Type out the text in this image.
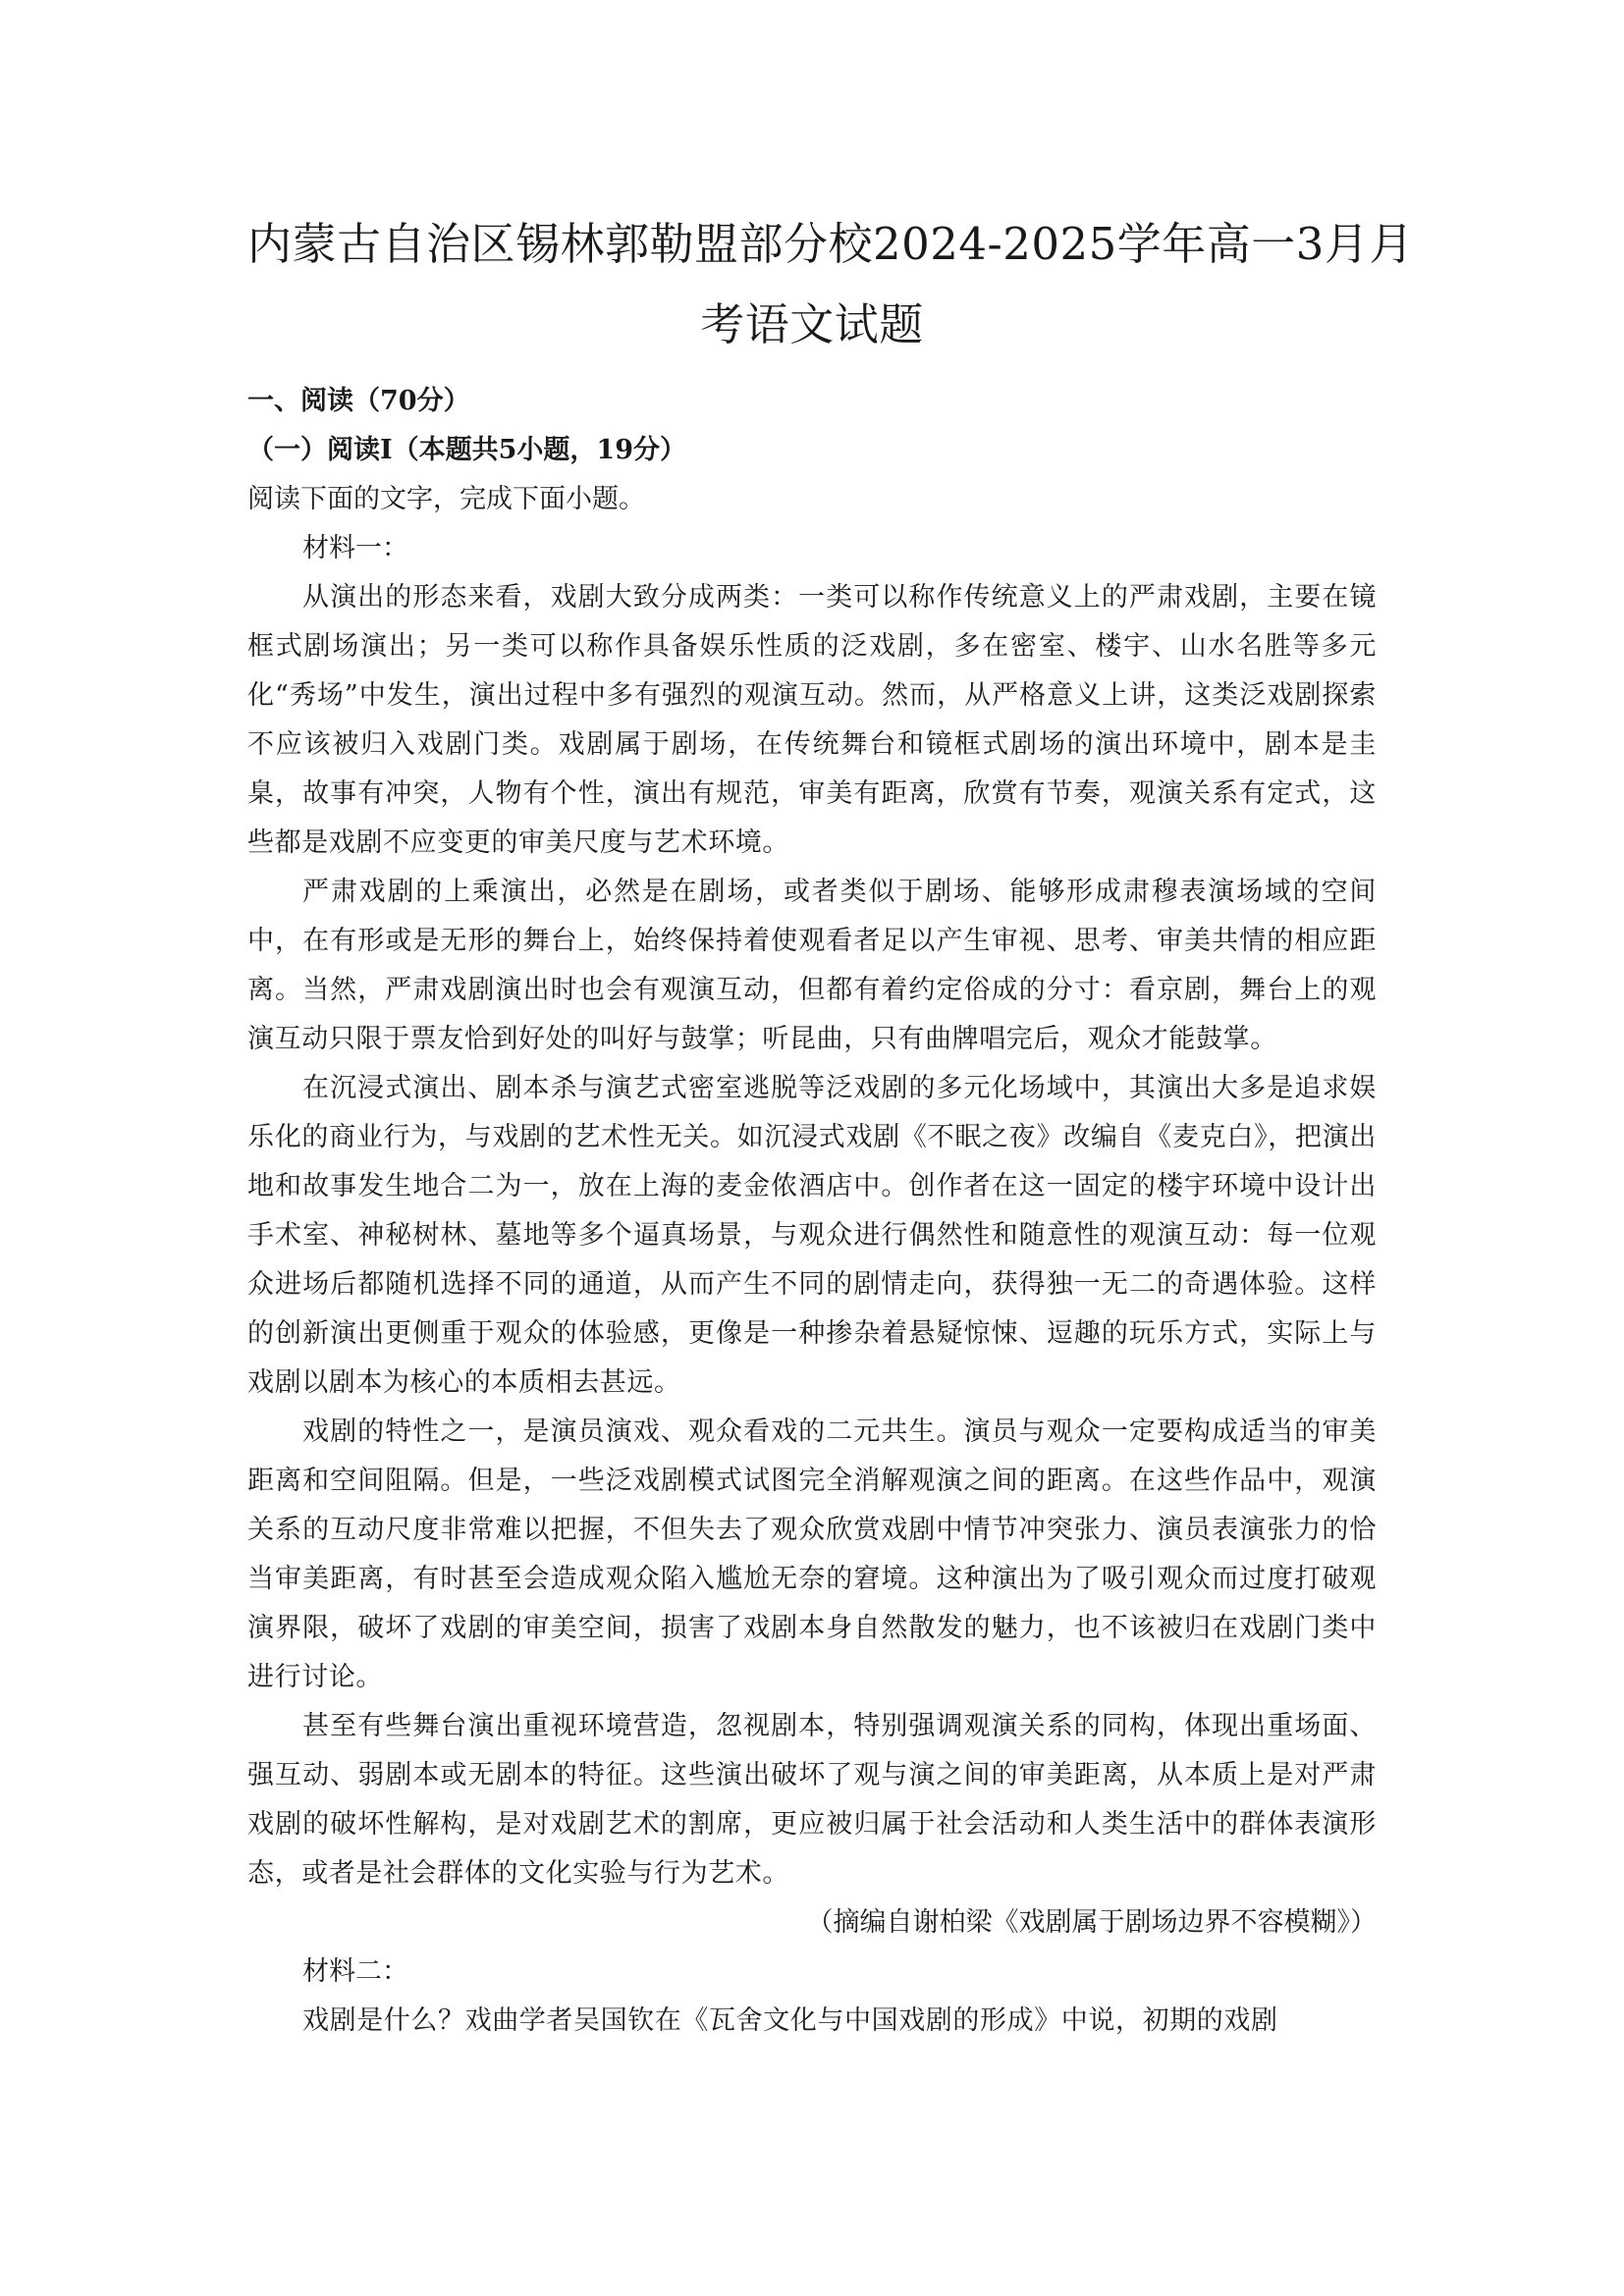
内蒙古自治区锡林郭勒盟部分校2024-2025学年高一3月月
考语文试题

一、阅读（70分）

（一）阅读Ⅰ（本题共5小题，19分）

阅读下面的文字，完成下面小题。

材料一：

从演出的形态来看，戏剧大致分成两类：一类可以称作传统意义上的严肃戏剧，主要在镜框式剧场演出；另一类可以称作具备娱乐性质的泛戏剧，多在密室、楼宇、山水名胜等多元化“秀场”中发生，演出过程中多有强烈的观演互动。然而，从严格意义上讲，这类泛戏剧探索不应该被归入戏剧门类。戏剧属于剧场，在传统舞台和镜框式剧场的演出环境中，剧本是圭臬，故事有冲突，人物有个性，演出有规范，审美有距离，欣赏有节奏，观演关系有定式，这些都是戏剧不应变更的审美尺度与艺术环境。

严肃戏剧的上乘演出，必然是在剧场，或者类似于剧场、能够形成肃穆表演场域的空间中，在有形或是无形的舞台上，始终保持着使观看者足以产生审视、思考、审美共情的相应距离。当然，严肃戏剧演出时也会有观演互动，但都有着约定俗成的分寸：看京剧，舞台上的观演互动只限于票友恰到好处的叫好与鼓掌；听昆曲，只有曲牌唱完后，观众才能鼓掌。

在沉浸式演出、剧本杀与演艺式密室逃脱等泛戏剧的多元化场域中，其演出大多是追求娱乐化的商业行为，与戏剧的艺术性无关。如沉浸式戏剧《不眠之夜》改编自《麦克白》，把演出地和故事发生地合二为一，放在上海的麦金侬酒店中。创作者在这一固定的楼宇环境中设计出手术室、神秘树林、墓地等多个逼真场景，与观众进行偶然性和随意性的观演互动：每一位观众进场后都随机选择不同的通道，从而产生不同的剧情走向，获得独一无二的奇遇体验。这样的创新演出更侧重于观众的体验感，更像是一种掺杂着悬疑惊悚、逗趣的玩乐方式，实际上与戏剧以剧本为核心的本质相去甚远。

戏剧的特性之一，是演员演戏、观众看戏的二元共生。演员与观众一定要构成适当的审美距离和空间阻隔。但是，一些泛戏剧模式试图完全消解观演之间的距离。在这些作品中，观演关系的互动尺度非常难以把握，不但失去了观众欣赏戏剧中情节冲突张力、演员表演张力的恰当审美距离，有时甚至会造成观众陷入尴尬无奈的窘境。这种演出为了吸引观众而过度打破观演界限，破坏了戏剧的审美空间，损害了戏剧本身自然散发的魅力，也不该被归在戏剧门类中进行讨论。

甚至有些舞台演出重视环境营造，忽视剧本，特别强调观演关系的同构，体现出重场面、强互动、弱剧本或无剧本的特征。这些演出破坏了观与演之间的审美距离，从本质上是对严肃戏剧的破坏性解构，是对戏剧艺术的割席，更应被归属于社会活动和人类生活中的群体表演形态，或者是社会群体的文化实验与行为艺术。

（摘编自谢柏梁《戏剧属于剧场边界不容模糊》）

材料二：

戏剧是什么？戏曲学者吴国钦在《瓦舍文化与中国戏剧的形成》中说，初期的戏剧
